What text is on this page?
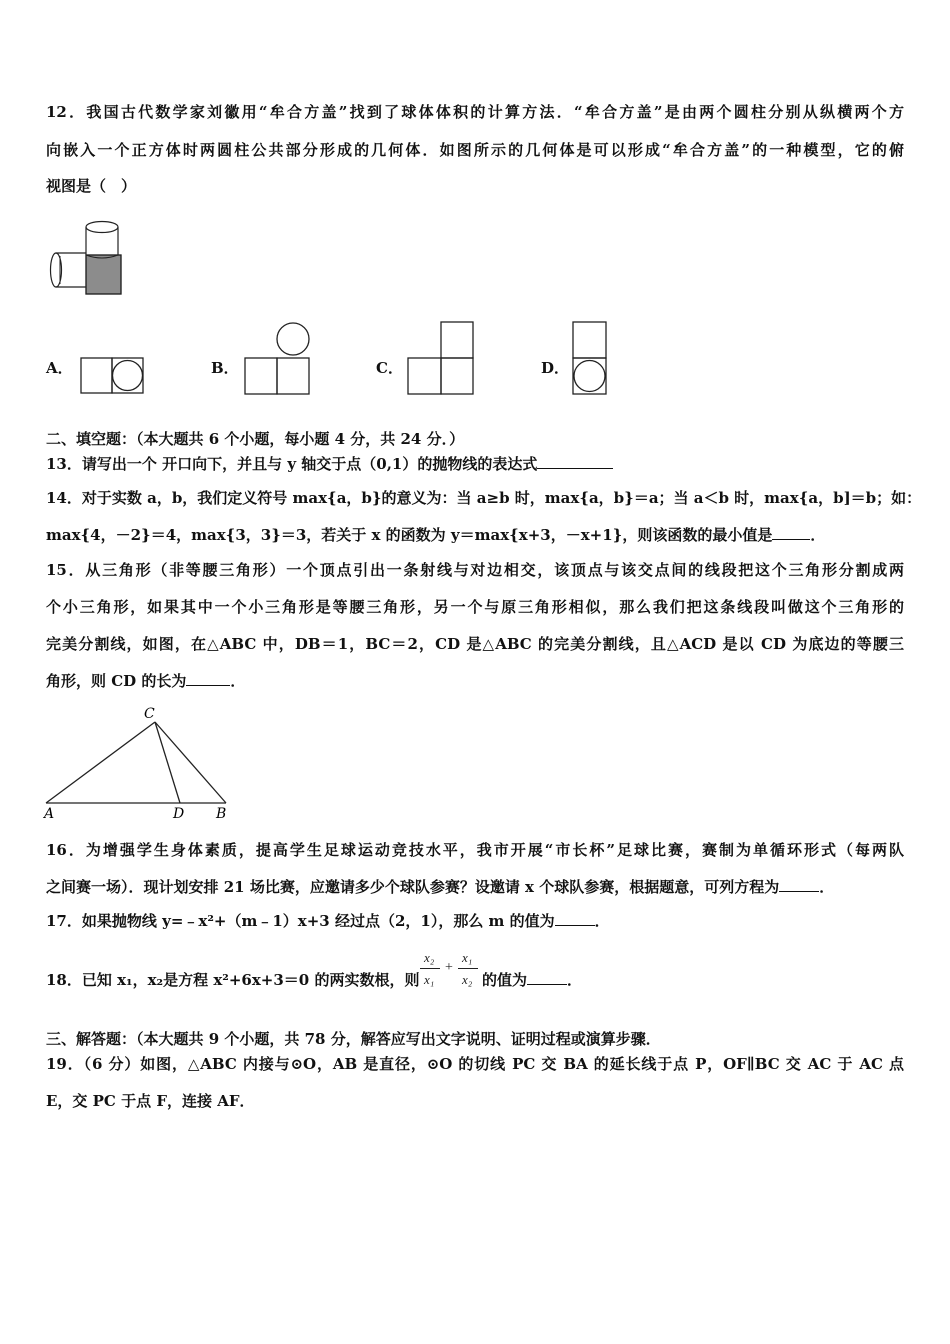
12．我国古代数学家刘徽用“牟合方盖”找到了球体体积的计算方法．“牟合方盖”是由两个圆柱分别从纵横两个方
向嵌入一个正方体时两圆柱公共部分形成的几何体．如图所示的几何体是可以形成“牟合方盖”的一种模型，它的俯
视图是（　）
A．	B．	C．	D．
二、填空题：（本大题共 6 个小题，每小题 4 分，共 24 分．）
13．请写出一个 开口向下，并且与 y 轴交于点（0,1）的抛物线的表达式
14．对于实数 a，b，我们定义符号 max{a，b}的意义为：当 a≥b 时，max{a，b}＝a；当 a＜b 时，max{a，b]＝b；如：
max{4，－2}＝4，max{3，3}＝3，若关于 x 的函数为 y＝max{x+3，－x+1}，则该函数的最小值是	．
15．从三角形（非等腰三角形）一个顶点引出一条射线与对边相交，该顶点与该交点间的线段把这个三角形分割成两
个小三角形，如果其中一个小三角形是等腰三角形，另一个与原三角形相似，那么我们把这条线段叫做这个三角形的
完美分割线，如图，在△ABC 中，DB＝1，BC＝2，CD 是△ABC 的完美分割线，且△ACD 是以 CD 为底边的等腰三
角形，则 CD 的长为	．
C
A	D B
16．为增强学生身体素质，提高学生足球运动竞技水平，我市开展“市长杯”足球比赛，赛制为单循环形式（每两队
之间赛一场）．现计划安排 21 场比赛，应邀请多少个球队参赛？设邀请 x 个球队参赛，根据题意，可列方程为	．
17．如果抛物线 y=﹣x²+（m﹣1）x+3 经过点（2，1），那么 m 的值为	．
18．已知 x₁，x₂是方程 x²+6x+3＝0 的两实数根，则
x₂
x₁
+
x₁
x₂ 的值为	．
三、解答题：（本大题共 9 个小题，共 78 分，解答应写出文字说明、证明过程或演算步骤．
19．（6 分）如图，△ABC 内接与⊙O，AB 是直径，⊙O 的切线 PC 交 BA 的延长线于点 P，OF∥BC 交 AC 于 AC 点
E，交 PC 于点 F，连接 AF．
